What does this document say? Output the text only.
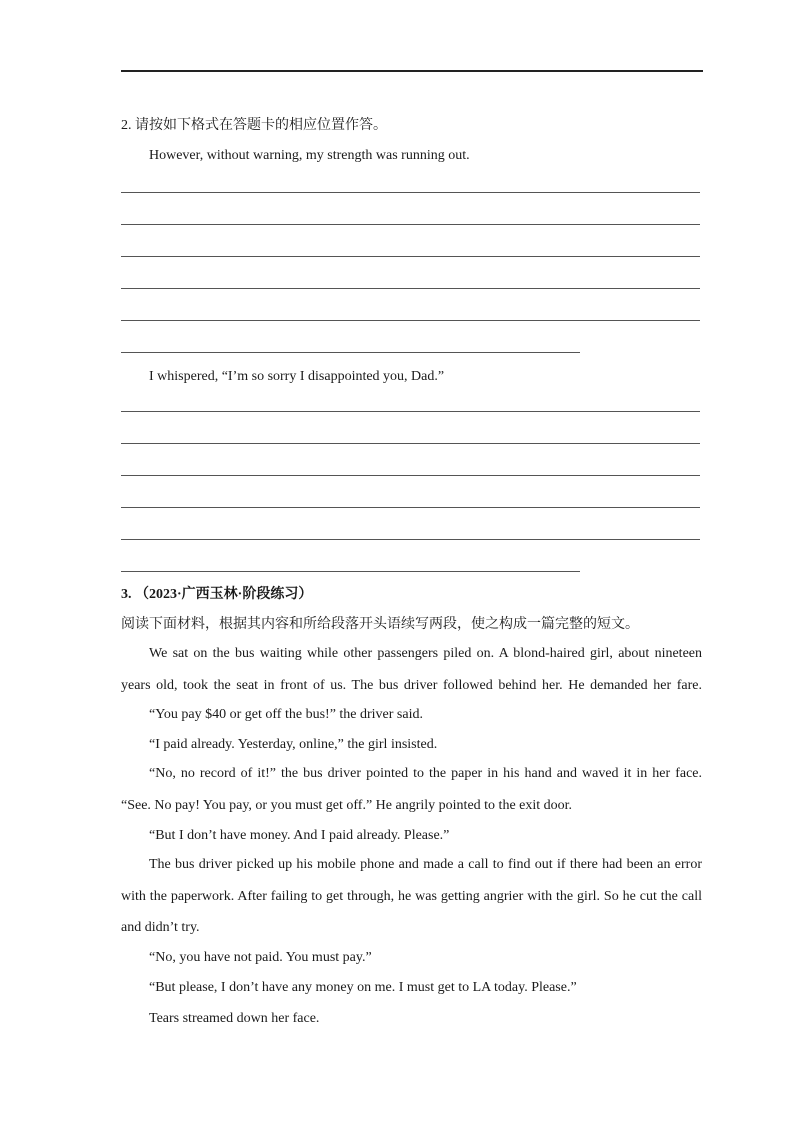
2. 请按如下格式在答题卡的相应位置作答。
However, without warning, my strength was running out.
I whispered, “I’m so sorry I disappointed you, Dad.”
3. （2023·广西玉林·阶段练习）
阅读下面材料，根据其内容和所给段落开头语续写两段，使之构成一篇完整的短文。
We sat on the bus waiting while other passengers piled on. A blond-haired girl, about nineteen
years old, took the seat in front of us. The bus driver followed behind her. He demanded her fare.
“You pay $40 or get off the bus!” the driver said.
“I paid already. Yesterday, online,” the girl insisted.
“No, no record of it!” the bus driver pointed to the paper in his hand and waved it in her face.
“See. No pay! You pay, or you must get off.” He angrily pointed to the exit door.
“But I don’t have money. And I paid already. Please.”
The bus driver picked up his mobile phone and made a call to find out if there had been an error
with the paperwork. After failing to get through, he was getting angrier with the girl. So he cut the call
and didn’t try.
“No, you have not paid. You must pay.”
“But please, I don’t have any money on me. I must get to LA today. Please.”
Tears streamed down her face.
